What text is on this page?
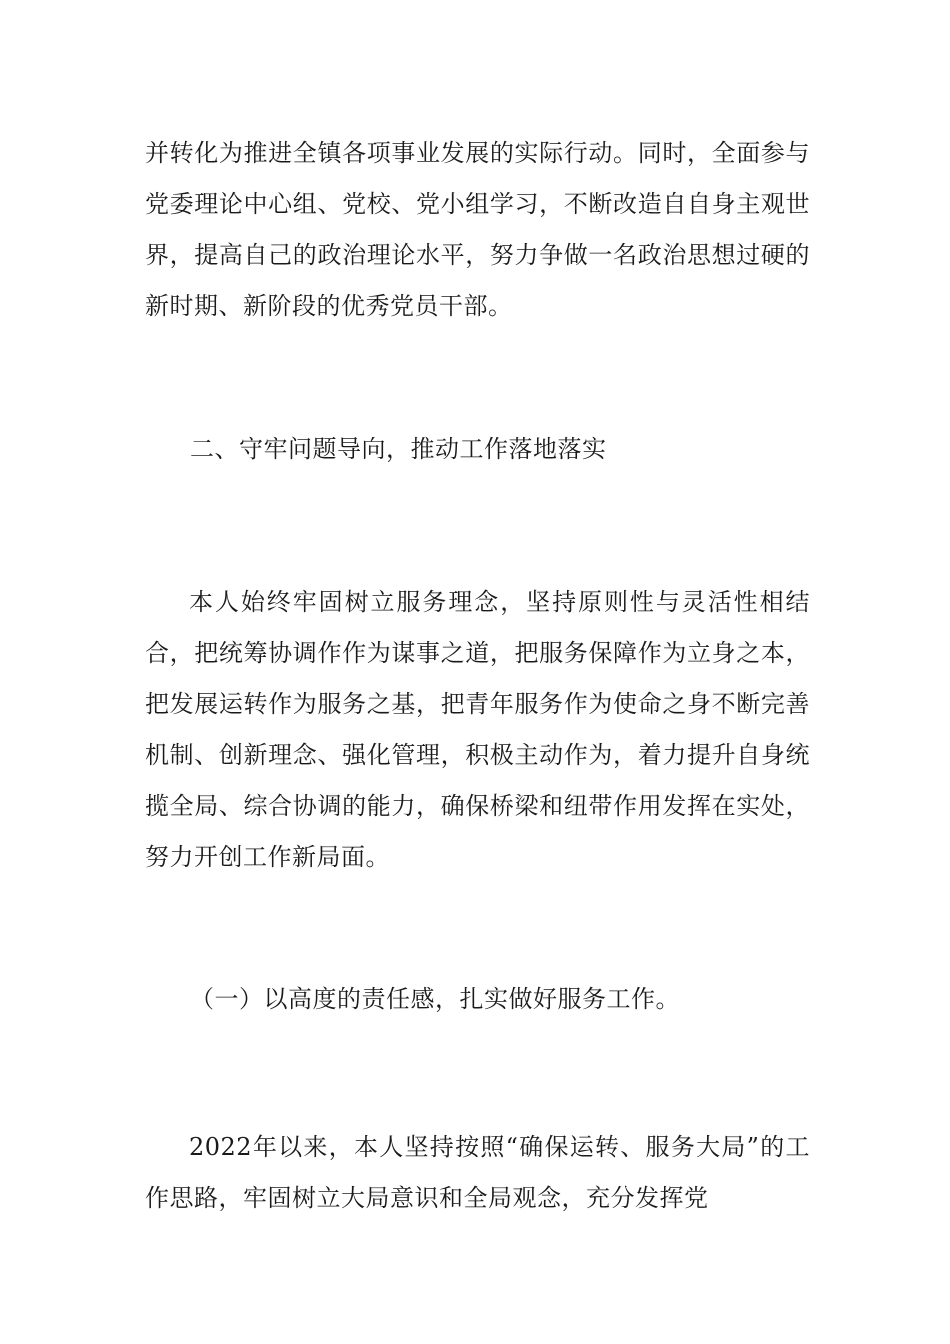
并转化为推进全镇各项事业发展的实际行动。同时，全面参与党委理论中心组、党校、党小组学习，不断改造自自身主观世界，提高自己的政治理论水平，努力争做一名政治思想过硬的新时期、新阶段的优秀党员干部。

二、守牢问题导向，推动工作落地落实

本人始终牢固树立服务理念，坚持原则性与灵活性相结合，把统筹协调作作为谋事之道，把服务保障作为立身之本，把发展运转作为服务之基，把青年服务作为使命之身不断完善机制、创新理念、强化管理，积极主动作为，着力提升自身统揽全局、综合协调的能力，确保桥梁和纽带作用发挥在实处，努力开创工作新局面。

（一）以高度的责任感，扎实做好服务工作。

2022年以来，本人坚持按照“确保运转、服务大局”的工作思路，牢固树立大局意识和全局观念，充分发挥党
